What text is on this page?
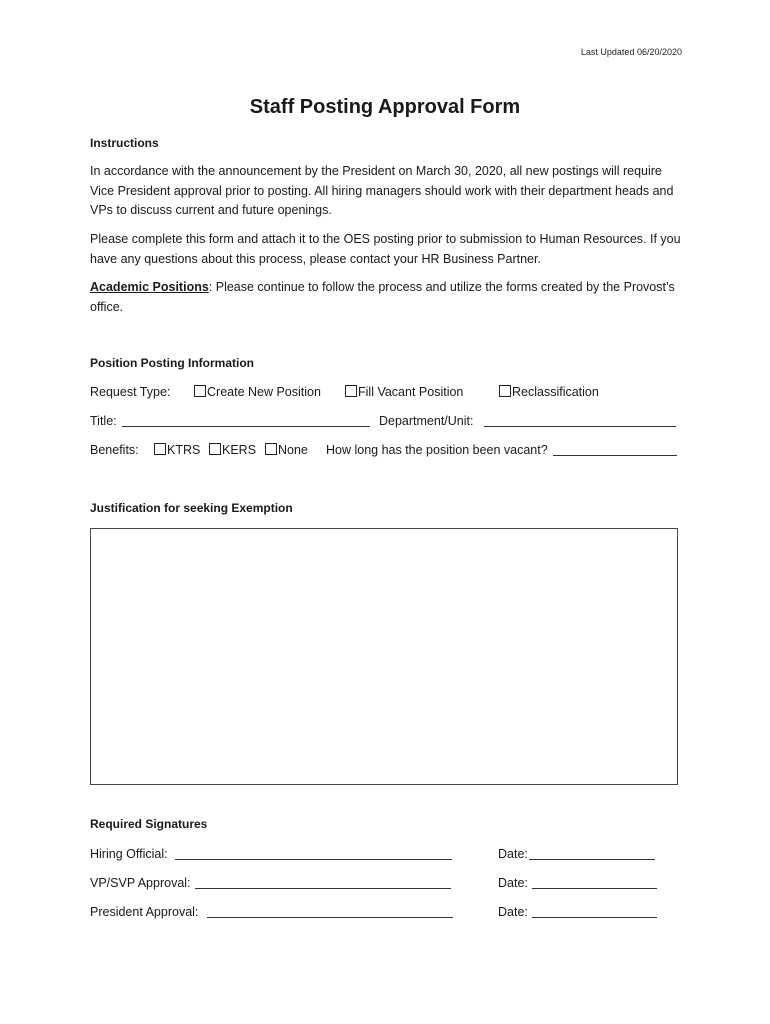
Last Updated 06/20/2020
Staff Posting Approval Form
Instructions
In accordance with the announcement by the President on March 30, 2020, all new postings will require Vice President approval prior to posting. All hiring managers should work with their department heads and VPs to discuss current and future openings.
Please complete this form and attach it to the OES posting prior to submission to Human Resources. If you have any questions about this process, please contact your HR Business Partner.
Academic Positions: Please continue to follow the process and utilize the forms created by the Provost’s office.
Position Posting Information
Request Type:	Create New Position	Fill Vacant Position	Reclassification
Title:	Department/Unit:
Benefits:	KTRS	KERS	None How long has the position been vacant?
Justification for seeking Exemption
Required Signatures
Hiring Official:	Date:
VP/SVP Approval:	Date:
President Approval:	Date:
